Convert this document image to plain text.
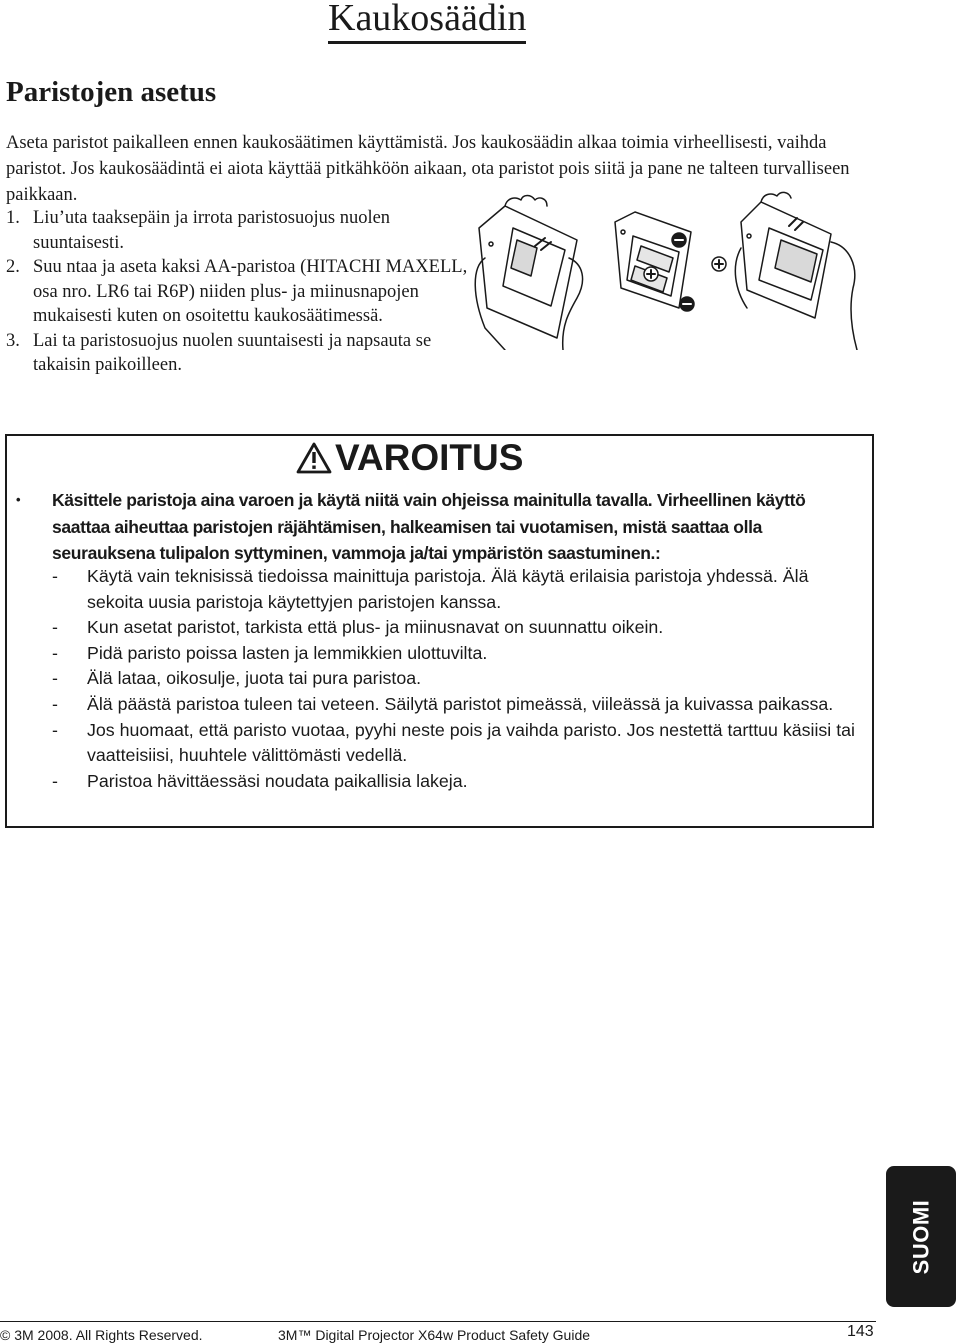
Kaukosäädin
Paristojen asetus

Aseta paristot paikalleen ennen kaukosäätimen käyttämistä. Jos kaukosäädin alkaa toimia virheellisesti, vaihda paristot. Jos kaukosäädintä ei aiota käyttää pitkähköön aikaan, ota paristot pois siitä ja pane ne talteen turvalliseen paikkaan.

1. Liu’uta taaksepäin ja irrota paristosuojus nuolen suuntaisesti.
2. Suu ntaa ja aseta kaksi AA-paristoa (HITACHI MAXELL, osa nro. LR6 tai R6P) niiden plus- ja miinusnapojen mukaisesti kuten on osoitettu kaukosäätimessä.
3. Lai ta paristosuojus nuolen suuntaisesti ja napsauta se takaisin paikoilleen.
VAROITUS
• Käsittele paristoja aina varoen ja käytä niitä vain ohjeissa mainitulla tavalla. Virheellinen käyttö saattaa aiheuttaa paristojen räjähtämisen, halkeamisen tai vuotamisen, mistä saattaa olla seurauksena tulipalon syttyminen, vammoja ja/tai ympäristön saastuminen.:
- Käytä vain teknisissä tiedoissa mainittuja paristoja. Älä käytä erilaisia paristoja yhdessä. Älä sekoita uusia paristoja käytettyjen paristojen kanssa.
- Kun asetat paristot, tarkista että plus- ja miinusnavat on suunnattu oikein.
- Pidä paristo poissa lasten ja lemmikkien ulottuvilta.
- Älä lataa, oikosulje, juota tai pura paristoa.
- Älä päästä paristoa tuleen tai veteen. Säilytä paristot pimeässä, viileässä ja kuivassa paikassa.
- Jos huomaat, että paristo vuotaa, pyyhi neste pois ja vaihda paristo. Jos nestettä tarttuu käsiisi tai vaatteisiisi, huuhtele välittömästi vedellä.
- Paristoa hävittäessäsi noudata paikallisia lakeja.
SUOMI
© 3M 2008. All Rights Reserved.	3M™ Digital Projector X64w Product Safety Guide	143
